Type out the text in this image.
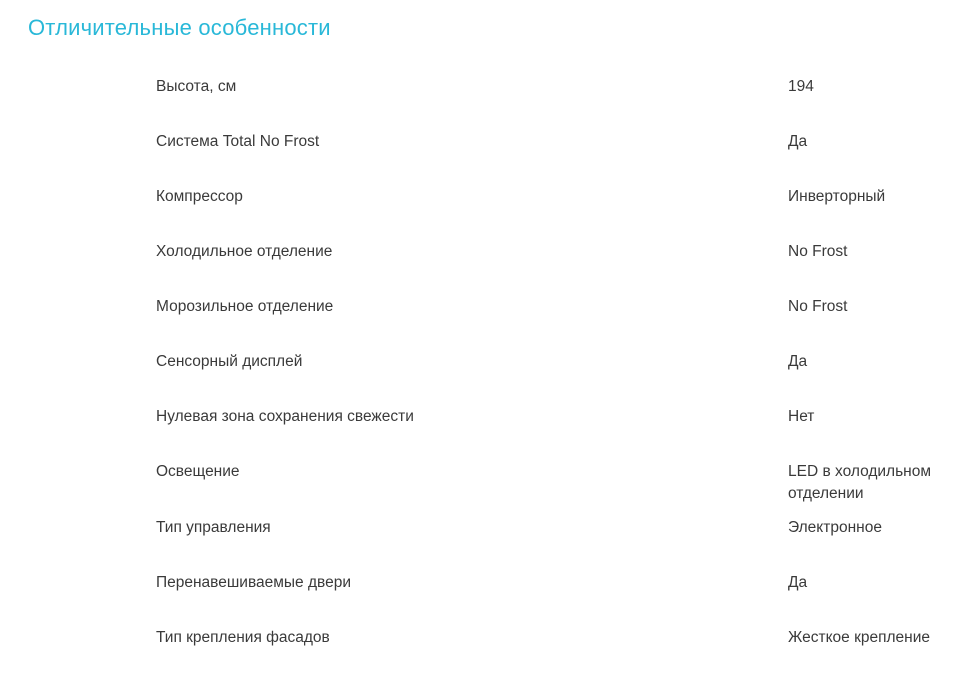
Отличительные особенности
Высота, см	194
Система Total No Frost	Да
Компрессор	Инверторный
Холодильное отделение	No Frost
Морозильное отделение	No Frost
Сенсорный дисплей	Да
Нулевая зона сохранения свежести	Нет
Освещение	LED в холодильном отделении
Тип управления	Электронное
Перенавешиваемые двери	Да
Тип крепления фасадов	Жесткое крепление
